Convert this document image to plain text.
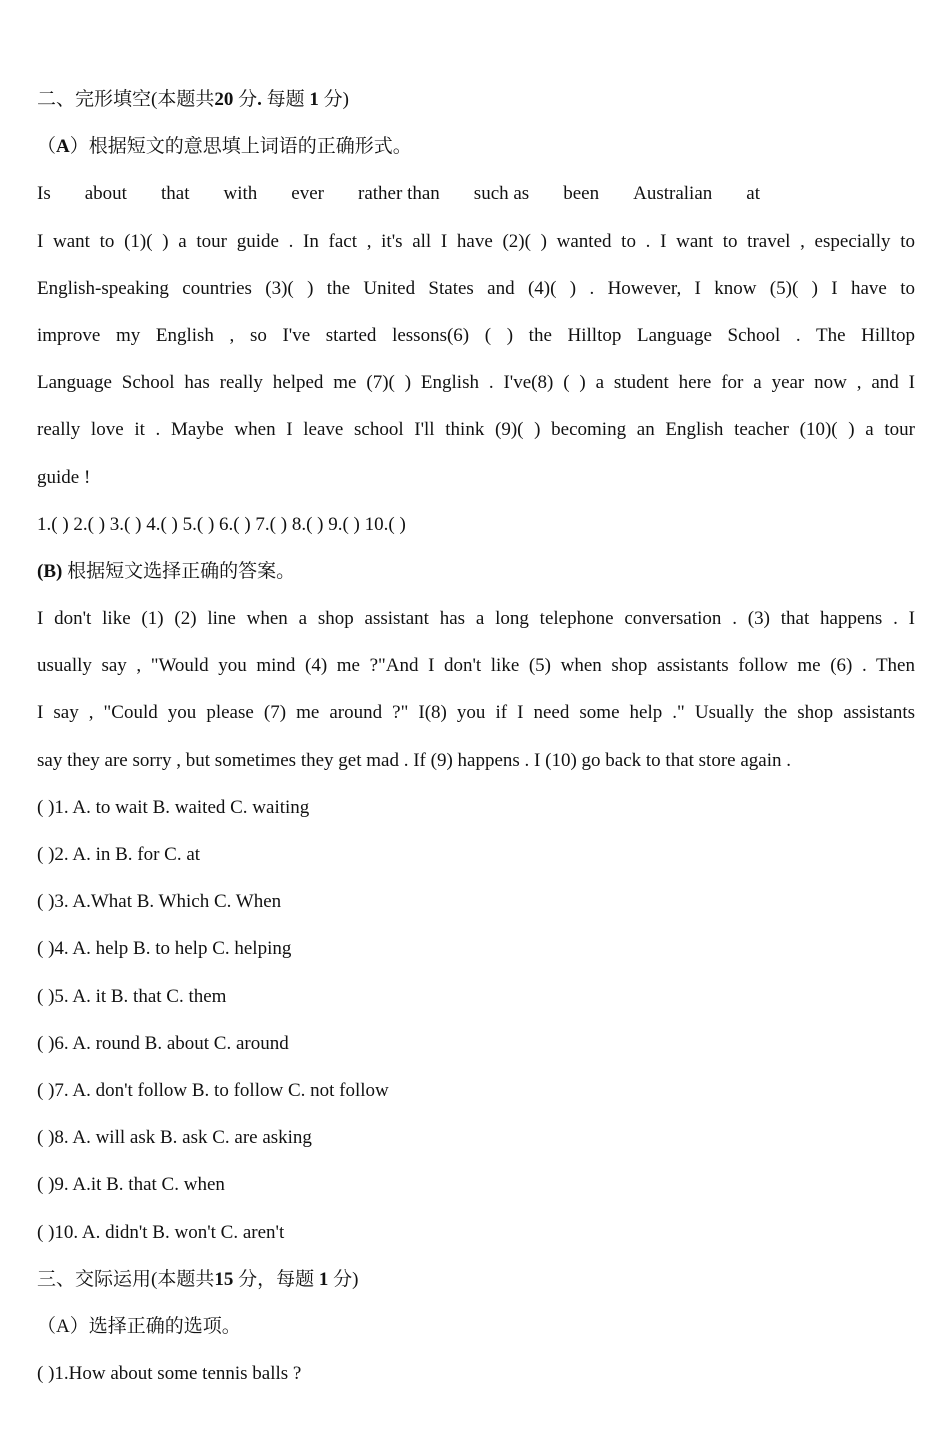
二、完形填空(本题共20 分. 每题 1 分)
（A）根据短文的意思填上词语的正确形式。
Is about that with ever rather than such as been Australian at
I want to (1)( ) a tour guide . In fact , it's all I have (2)( ) wanted to . I want to travel , especially to
English-speaking countries (3)( ) the United States and (4)( ) . However, I know (5)( ) I have to
improve my English , so I've started lessons(6) ( ) the Hilltop Language School . The Hilltop
Language School has really helped me (7)( ) English . I've(8) ( ) a student here for a year now , and I
really love it . Maybe when I leave school I'll think (9)( ) becoming an English teacher (10)( ) a tour
guide !
1.( ) 2.( ) 3.( ) 4.( ) 5.( ) 6.( ) 7.( ) 8.( ) 9.( ) 10.( )
(B) 根据短文选择正确的答案。
I don't like (1) (2) line when a shop assistant has a long telephone conversation . (3) that happens . I
usually say , "Would you mind (4) me ?"And I don't like (5) when shop assistants follow me (6) . Then
I say , "Could you please (7) me around ?" I(8) you if I need some help ." Usually the shop assistants
say they are sorry , but sometimes they get mad . If (9) happens . I (10) go back to that store again .
( )1. A. to wait B. waited C. waiting
( )2. A. in B. for C. at
( )3. A.What B. Which C. When
( )4. A. help B. to help C. helping
( )5. A. it B. that C. them
( )6. A. round B. about C. around
( )7. A. don't follow B. to follow C. not follow
( )8. A. will ask B. ask C. are asking
( )9. A.it B. that C. when
( )10. A. didn't B. won't C. aren't
三、交际运用(本题共15 分，每题 1 分)
（A）选择正确的选项。
( )1.How about some tennis balls ?
